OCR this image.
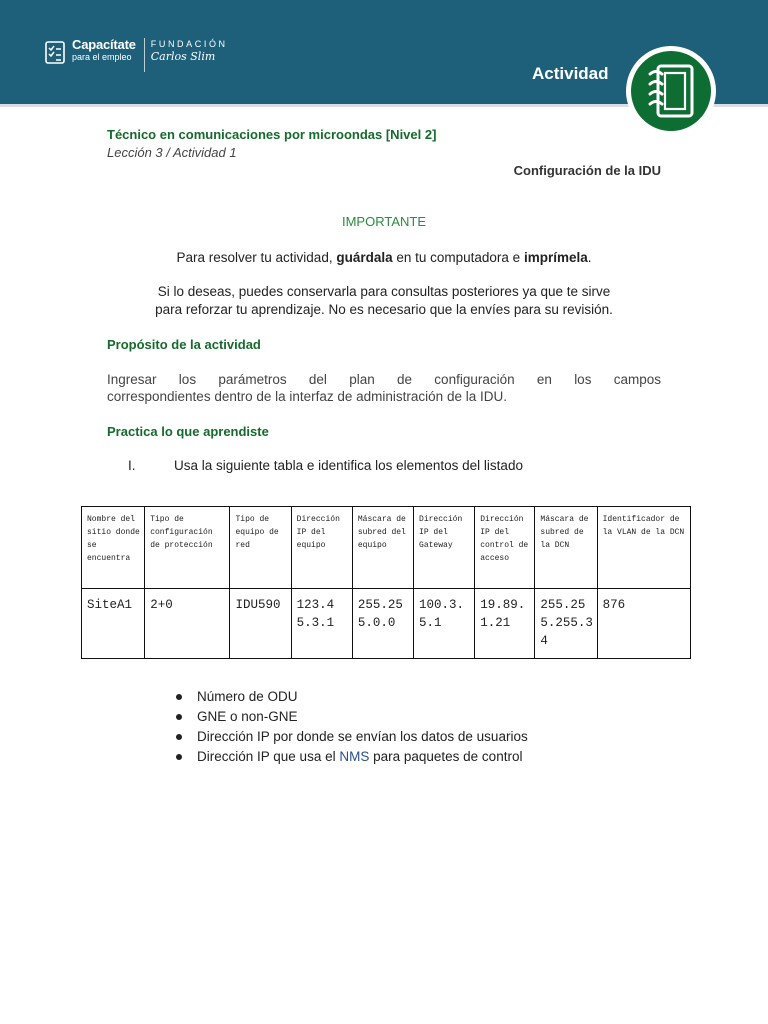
Capacítate
para el empleo
FUNDACIÓN
Carlos Slim
Actividad
Técnico en comunicaciones por microondas [Nivel 2]
Lección 3 / Actividad 1
Configuración de la IDU
IMPORTANTE
Para resolver tu actividad, guárdala en tu computadora e imprímela.
Si lo deseas, puedes conservarla para consultas posteriores ya que te sirve
para reforzar tu aprendizaje. No es necesario que la envíes para su revisión.
Propósito de la actividad
Ingresar los parámetros del plan de configuración en los campos
correspondientes dentro de la interfaz de administración de la IDU.
Practica lo que aprendiste
I.	Usa la siguiente tabla e identifica los elementos del listado
Nombre del sitio donde se encuentra	Tipo de configuración de protección	Tipo de equipo de red	Dirección IP del equipo	Máscara de subred del equipo	Dirección IP del Gateway	Dirección IP del control de acceso	Máscara de subred de la DCN	Identificador de la VLAN de la DCN
SiteA1	2+0	IDU590	123.45.3.1	255.255.0.0	100.3.5.1	19.89.1.21	255.255.255.34	876
Número de ODU
GNE o non-GNE
Dirección IP por donde se envían los datos de usuarios
Dirección IP que usa el NMS para paquetes de control
